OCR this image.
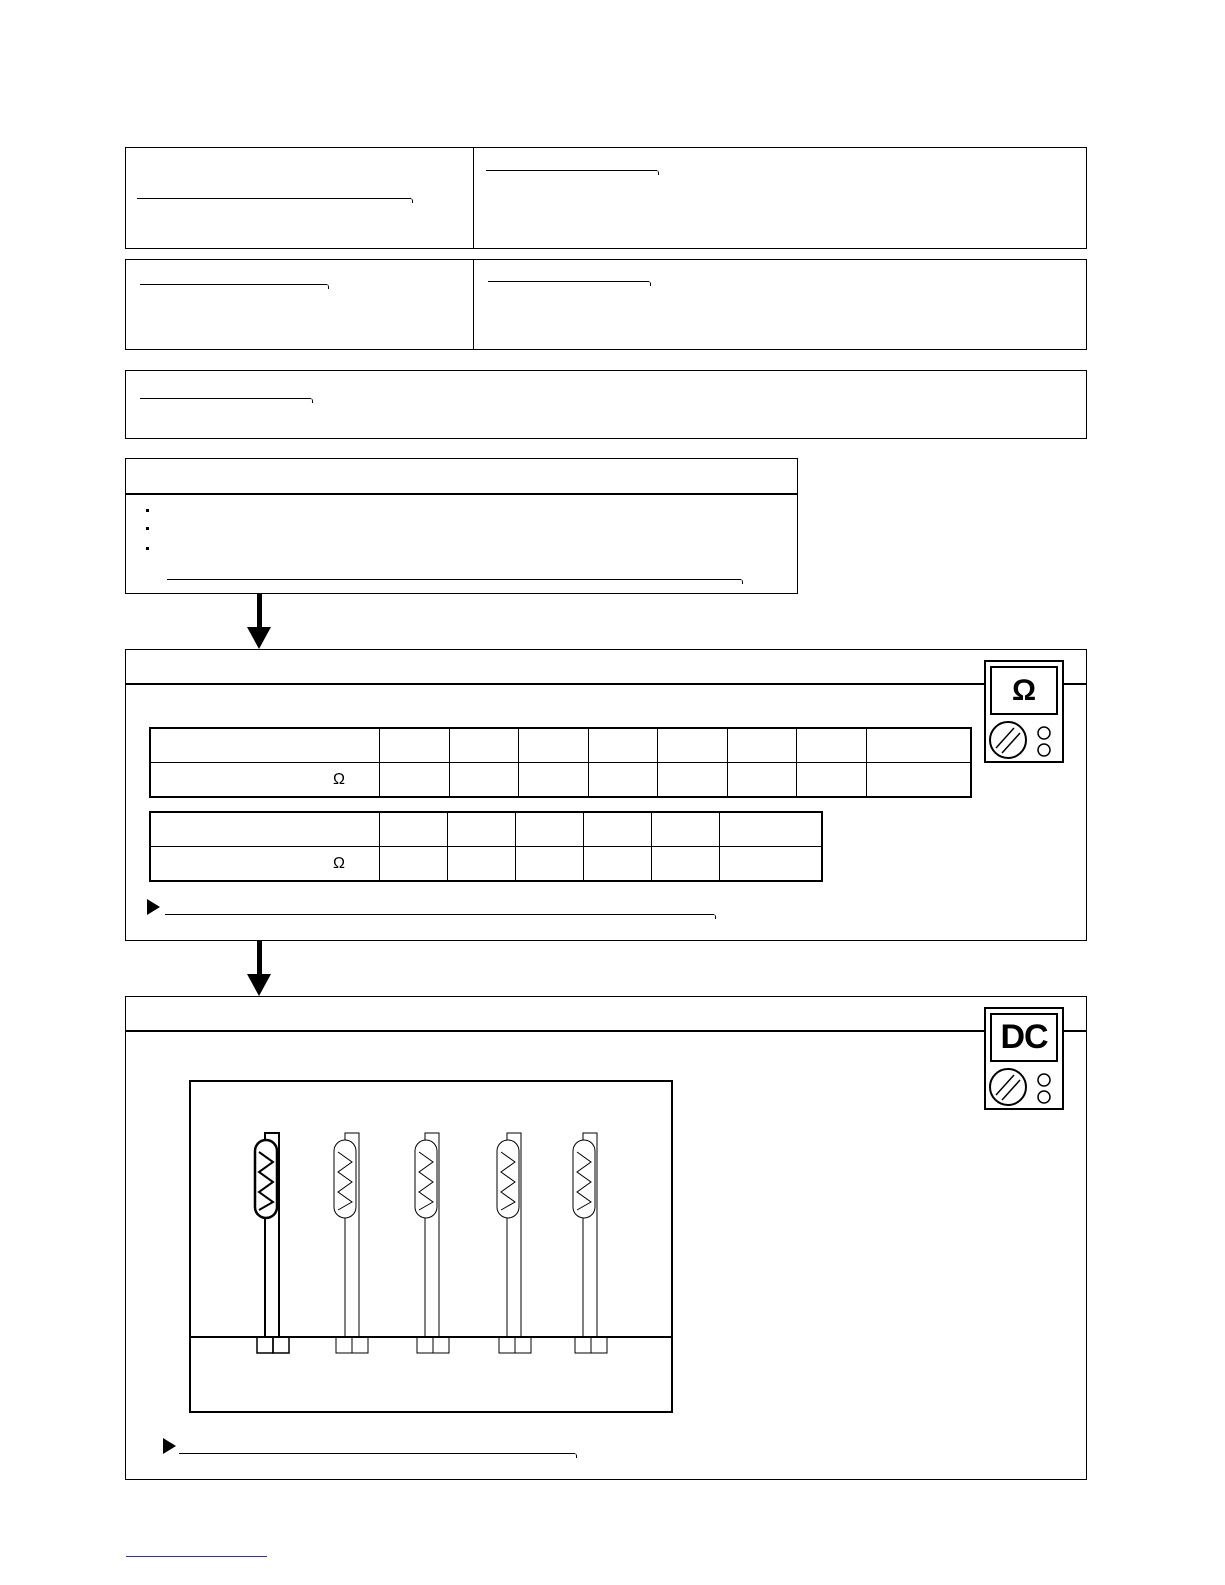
Ω								

Ω						
Ω
DC
